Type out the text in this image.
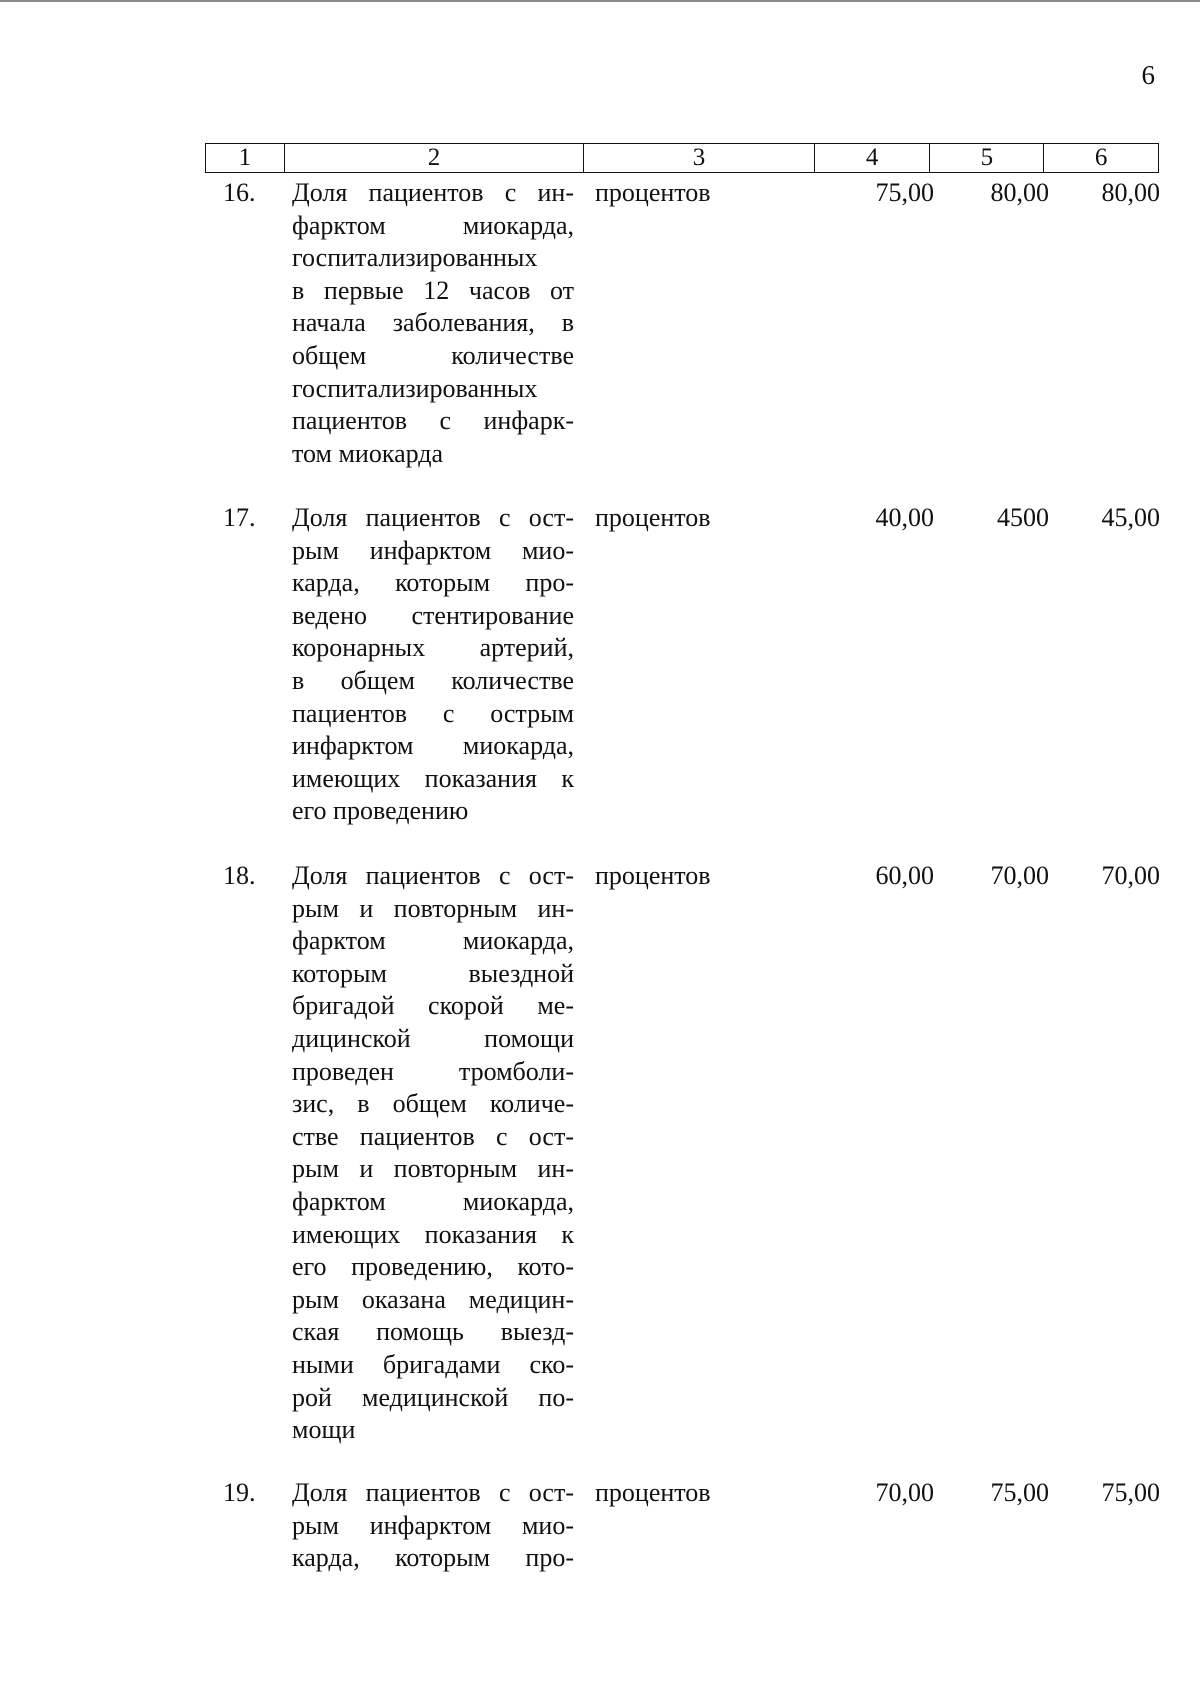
6
1	2	3	4	5	6
16. Доля пациентов с ин-
фарктом миокарда,
госпитализированных
в первые 12 часов от
начала заболевания, в
общем количестве
госпитализированных
пациентов с инфарк-
том миокарда
процентов	75,00 80,00 80,00
17. Доля пациентов с ост-
рым инфарктом мио-
карда, которым про-
ведено стентирование
коронарных артерий,
в общем количестве
пациентов с острым
инфарктом миокарда,
имеющих показания к
его проведению
процентов	40,00 4500 45,00
18. Доля пациентов с ост-
рым и повторным ин-
фарктом миокарда,
которым выездной
бригадой скорой ме-
дицинской помощи
проведен тромболи-
зис, в общем количе-
стве пациентов с ост-
рым и повторным ин-
фарктом миокарда,
имеющих показания к
его проведению, кото-
рым оказана медицин-
ская помощь выезд-
ными бригадами ско-
рой медицинской по-
мощи
процентов	60,00 70,00 70,00
19. Доля пациентов с ост-
рым инфарктом мио-
карда, которым про-
процентов	70,00 75,00 75,00
